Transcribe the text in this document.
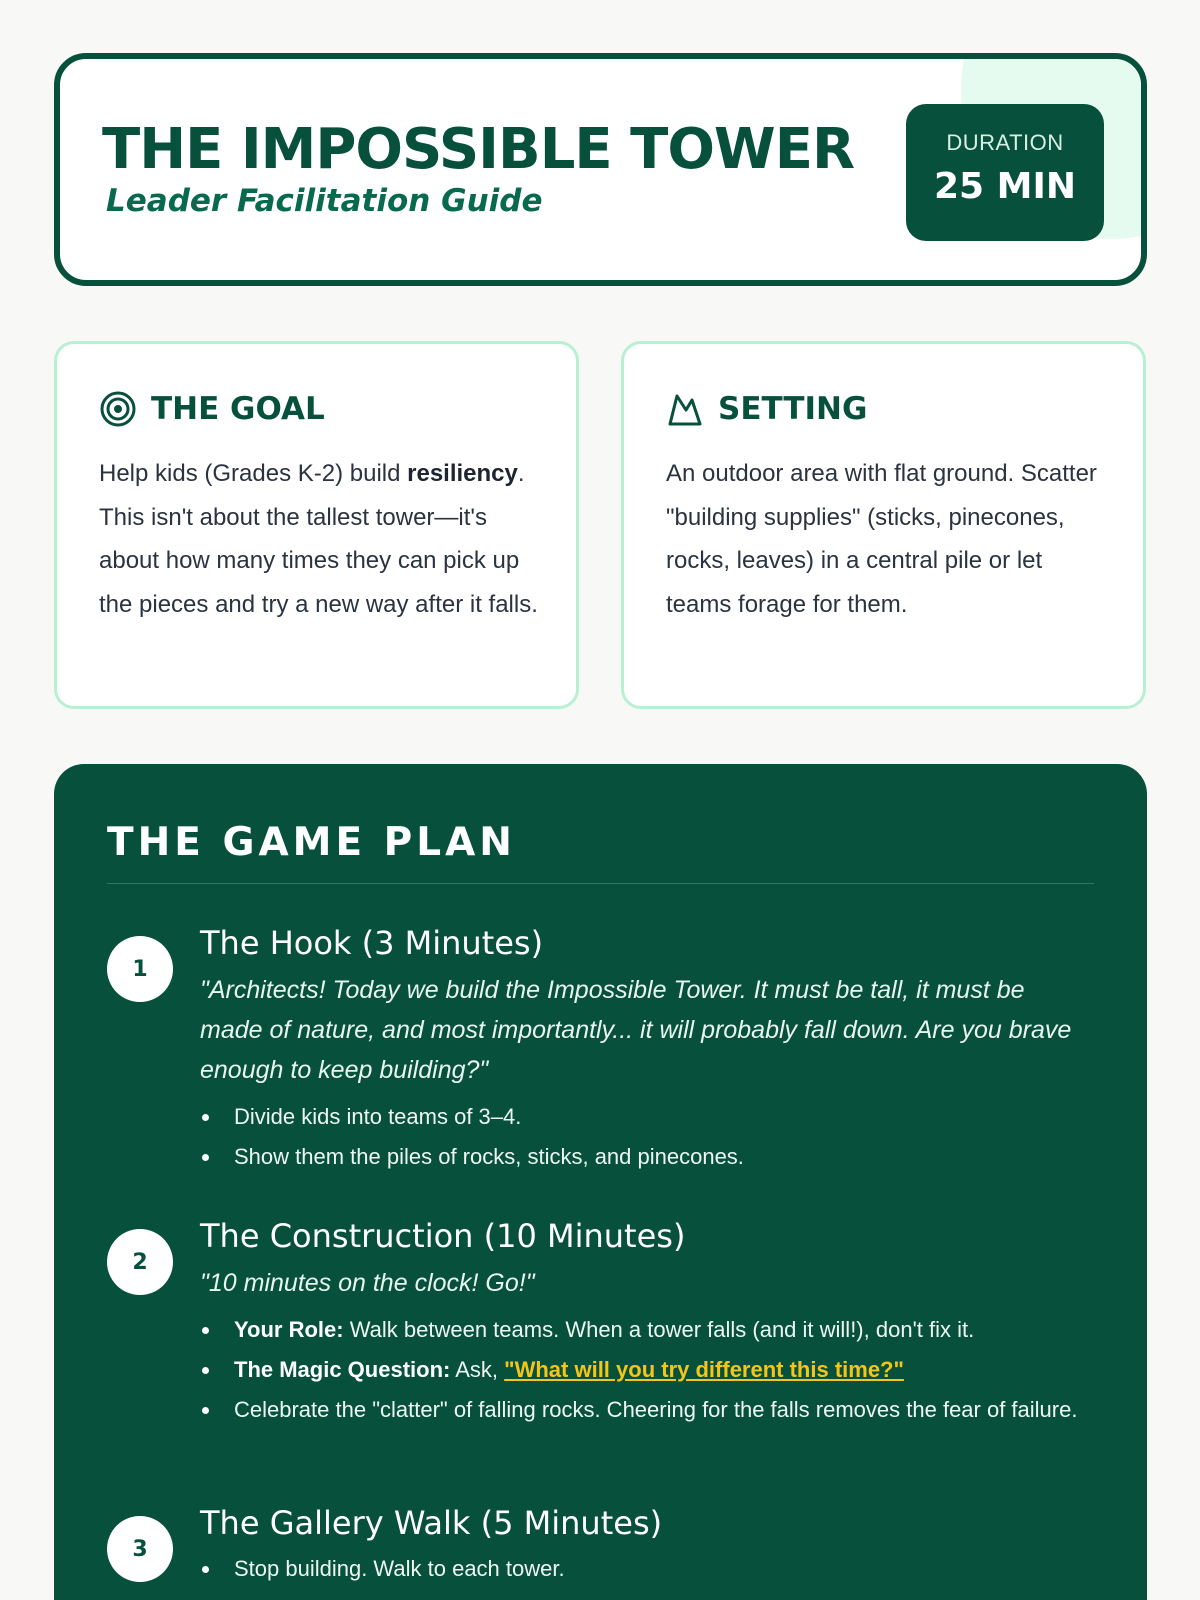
THE IMPOSSIBLE TOWER
Leader Facilitation Guide
DURATION
25 MIN
THE GOAL
Help kids (Grades K-2) build resiliency. This isn't about the tallest tower—it's about how many times they can pick up the pieces and try a new way after it falls.
SETTING
An outdoor area with flat ground. Scatter "building supplies" (sticks, pinecones, rocks, leaves) in a central pile or let teams forage for them.
THE GAME PLAN
1
The Hook (3 Minutes)
"Architects! Today we build the Impossible Tower. It must be tall, it must be made of nature, and most importantly... it will probably fall down. Are you brave enough to keep building?"
Divide kids into teams of 3–4.
Show them the piles of rocks, sticks, and pinecones.
2
The Construction (10 Minutes)
"10 minutes on the clock! Go!"
Your Role: Walk between teams. When a tower falls (and it will!), don't fix it.
The Magic Question: Ask, "What will you try different this time?"
Celebrate the "clatter" of falling rocks. Cheering for the falls removes the fear of failure.
3
The Gallery Walk (5 Minutes)
Stop building. Walk to each tower.
